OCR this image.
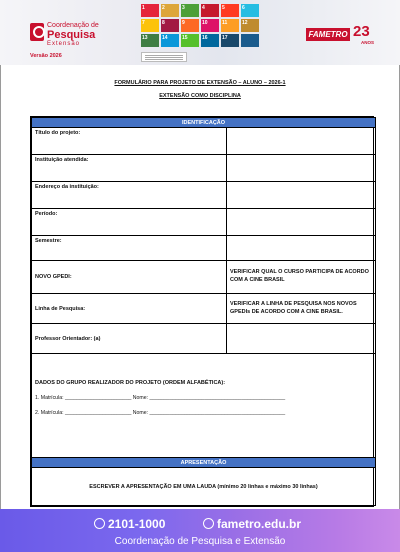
Coordenação de
Pesquisa
Extensão
Versão 2026
1	2	3	4	5	6
7	8	9	10	11	12
13	14	15	16	17	FAMETRO 23
ANOS
FORMULÁRIO PARA PROJETO DE EXTENSÃO – ALUNO – 2026-1
EXTENSÃO COMO DISCIPLINA
IDENTIFICAÇÃO	
Título do projeto:	
Instituição atendida:	
Endereço da instituição:	
Período:	
Semestre:	
NOVO GPEDI:	VERIFICAR QUAL O CURSO PARTICIPA DE ACORDO COM A CINE BRASIL
Linha de Pesquisa:	VERIFICAR A LINHA DE PESQUISA NOS NOVOS GPEDIs DE ACORDO COM A CINE BRASIL.
Professor Orientador: (a)	

DADOS DO GRUPO REALIZADOR DO PROJETO (ORDEM ALFABÉTICA):
1. Matrícula: _______________________ Nome: _______________________________________________
2. Matrícula: _______________________ Nome: _______________________________________________	

APRESENTAÇÃO	
ESCREVER A APRESENTAÇÃO EM UMA LAUDA (mínimo 20 linhas e máximo 30 linhas)	
2101-1000	fametro.edu.br
Coordenação de Pesquisa e Extensão
